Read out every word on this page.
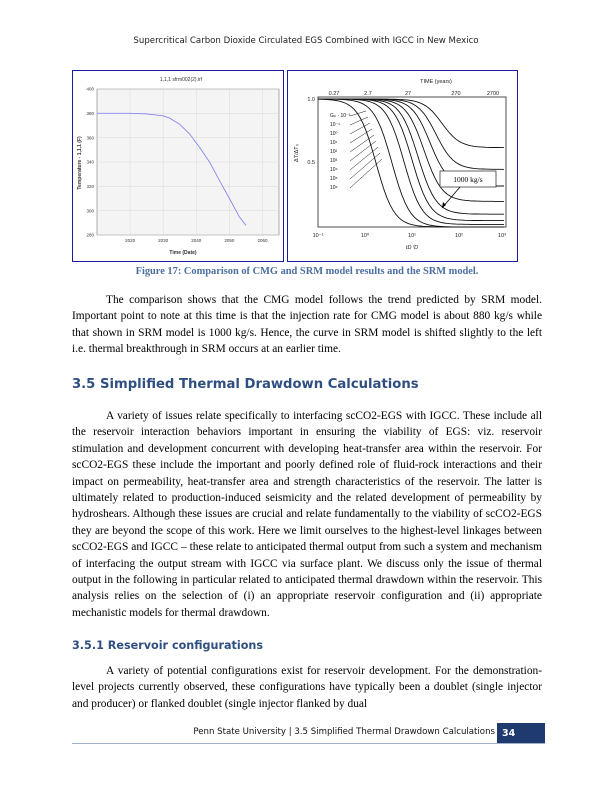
Supercritical Carbon Dioxide Circulated EGS Combined with IGCC in New Mexico
1,1,1 sfrm002(2).irf
280
300
320
340
360
380
400
2020	2030	2040	2050	2060
Time (Date)
Temperature - 1,1,1 (F)
TIME (years)
0.27	2.7	27	270	2700
10⁻¹	10⁰	10¹	10²	10³
tD ᶠD
1.0
0.5
ΔT/ΔT₀
Gₚ · 10⁻²
10⁻¹
10⁰
10¹
10²
10³
10⁴
10⁵
10⁶
1000 kg/s
Figure 17: Comparison of CMG and SRM model results and the SRM model.

The comparison shows that the CMG model follows the trend predicted by SRM model. Important point to note at this time is that the injection rate for CMG model is about 880 kg/s while that shown in SRM model is 1000 kg/s. Hence, the curve in SRM model is shifted slightly to the left i.e. thermal breakthrough in SRM occurs at an earlier time.

3.5 Simplified Thermal Drawdown Calculations

A variety of issues relate specifically to interfacing scCO2-EGS with IGCC. These include all the reservoir interaction behaviors important in ensuring the viability of EGS: viz. reservoir stimulation and development concurrent with developing heat-transfer area within the reservoir. For scCO2-EGS these include the important and poorly defined role of fluid-rock interactions and their impact on permeability, heat-transfer area and strength characteristics of the reservoir. The latter is ultimately related to production-induced seismicity and the related development of permeability by hydroshears. Although these issues are crucial and relate fundamentally to the viability of scCO2-EGS they are beyond the scope of this work. Here we limit ourselves to the highest-level linkages between scCO2-EGS and IGCC – these relate to anticipated thermal output from such a system and mechanism of interfacing the output stream with IGCC via surface plant. We discuss only the issue of thermal output in the following in particular related to anticipated thermal drawdown within the reservoir. This analysis relies on the selection of (i) an appropriate reservoir configuration and (ii) appropriate mechanistic models for thermal drawdown.

3.5.1 Reservoir configurations

A variety of potential configurations exist for reservoir development. For the demonstration-level projects currently observed, these configurations have typically been a doublet (single injector and producer) or flanked doublet (single injector flanked by dual

Penn State University | 3.5 Simplified Thermal Drawdown Calculations 34
